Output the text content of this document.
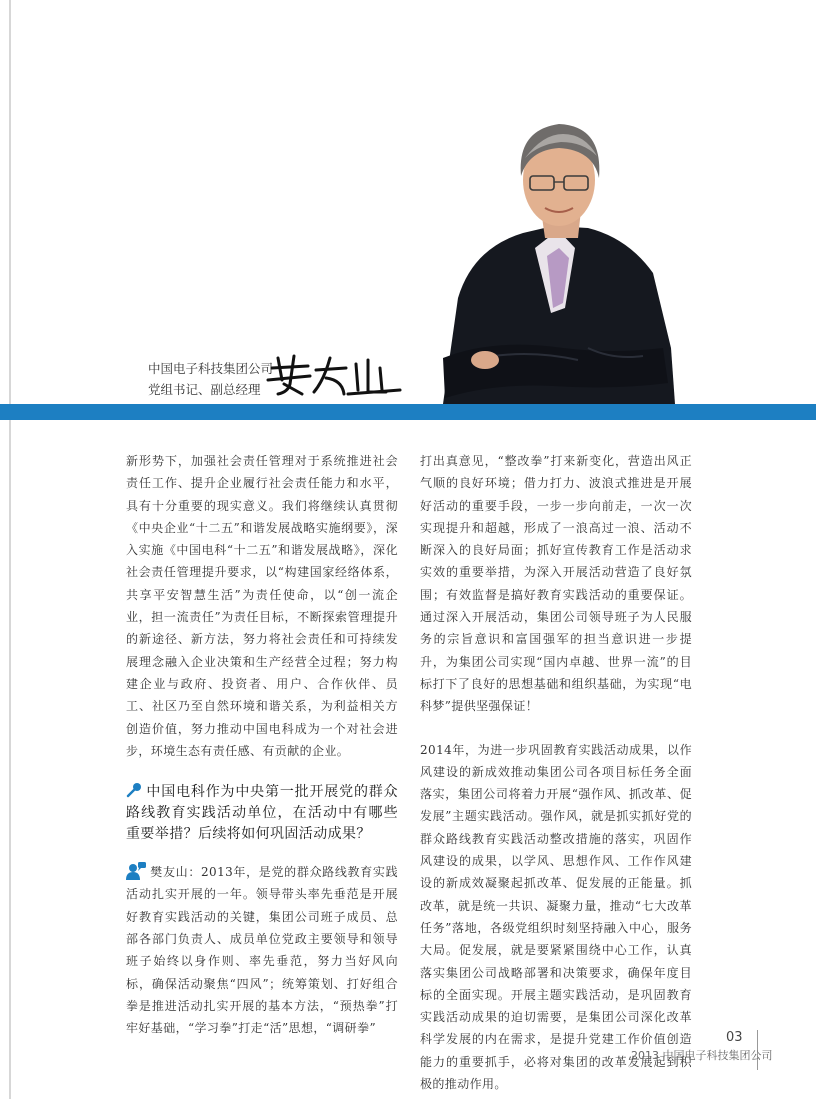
中国电子科技集团公司
党组书记、副总经理

新形势下，加强社会责任管理对于系统推进社会责任工作、提升企业履行社会责任能力和水平，具有十分重要的现实意义。我们将继续认真贯彻《中央企业“十二五”和谐发展战略实施纲要》，深入实施《中国电科“十二五”和谐发展战略》，深化社会责任管理提升要求，以“构建国家经络体系，共享平安智慧生活”为责任使命，以“创一流企业，担一流责任”为责任目标，不断探索管理提升的新途径、新方法，努力将社会责任和可持续发展理念融入企业决策和生产经营全过程；努力构建企业与政府、投资者、用户、合作伙伴、员工、社区乃至自然环境和谐关系，为利益相关方创造价值，努力推动中国电科成为一个对社会进步，环境生态有责任感、有贡献的企业。

中国电科作为中央第一批开展党的群众路线教育实践活动单位，在活动中有哪些重要举措？后续将如何巩固活动成果？

樊友山：2013年，是党的群众路线教育实践活动扎实开展的一年。领导带头率先垂范是开展好教育实践活动的关键，集团公司班子成员、总部各部门负责人、成员单位党政主要领导和领导班子始终以身作则、率先垂范，努力当好风向标，确保活动聚焦“四风”；统筹策划、打好组合拳是推进活动扎实开展的基本方法，“预热拳”打牢好基础，“学习拳”打走“活”思想，“调研拳”

打出真意见，“整改拳”打来新变化，营造出风正气顺的良好环境；借力打力、波浪式推进是开展好活动的重要手段，一步一步向前走，一次一次实现提升和超越，形成了一浪高过一浪、活动不断深入的良好局面；抓好宣传教育工作是活动求实效的重要举措，为深入开展活动营造了良好氛围；有效监督是搞好教育实践活动的重要保证。通过深入开展活动，集团公司领导班子为人民服务的宗旨意识和富国强军的担当意识进一步提升，为集团公司实现“国内卓越、世界一流”的目标打下了良好的思想基础和组织基础，为实现“电科梦”提供坚强保证！

2014年，为进一步巩固教育实践活动成果，以作风建设的新成效推动集团公司各项目标任务全面落实，集团公司将着力开展“强作风、抓改革、促发展”主题实践活动。强作风，就是抓实抓好党的群众路线教育实践活动整改措施的落实，巩固作风建设的成果，以学风、思想作风、工作作风建设的新成效凝聚起抓改革、促发展的正能量。抓改革，就是统一共识、凝聚力量，推动“七大改革任务”落地，各级党组织时刻坚持融入中心，服务大局。促发展，就是要紧紧围绕中心工作，认真落实集团公司战略部署和决策要求，确保年度目标的全面实现。开展主题实践活动，是巩固教育实践活动成果的迫切需要，是集团公司深化改革科学发展的内在需求，是提升党建工作价值创造能力的重要抓手，必将对集团的改革发展起到积极的推动作用。

03
2013 中国电子科技集团公司
